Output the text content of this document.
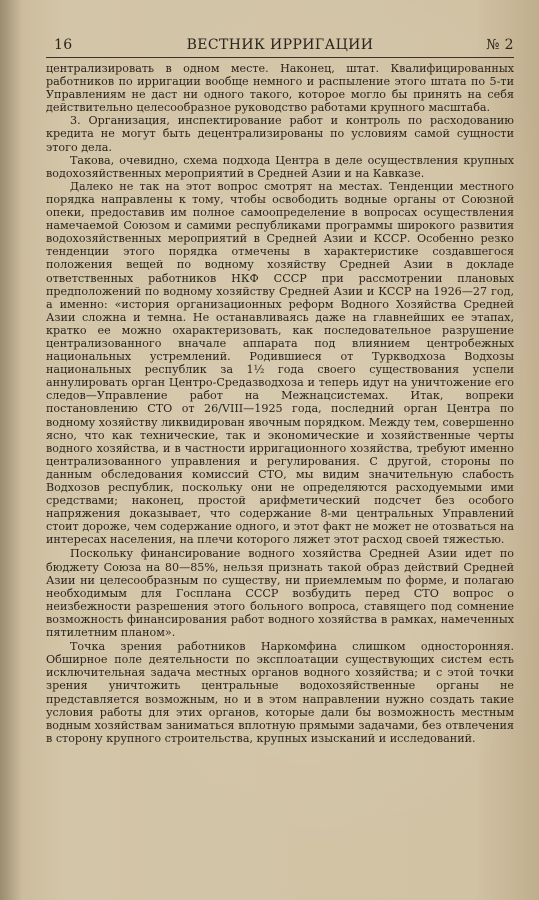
16	ВЕСТНИК ИРРИГАЦИИ	№ 2

централизировать в одном месте. Наконец, штат. Квалифицированных работников по ирригации вообще немного и распыление этого штата по 5-ти Управлениям не даст ни одного такого, которое могло бы принять на себя действительно целесообразное руководство работами крупного масштаба.

3. Организация, инспектирование работ и контроль по расходованию кредита не могут быть децентрализированы по условиям самой сущности этого дела.

Такова, очевидно, схема подхода Центра в деле осуществления крупных водохозяйственных мероприятий в Средней Азии и на Кавказе.

Далеко не так на этот вопрос смотрят на местах. Тенденции местного порядка направлены к тому, чтобы освободить водные органы от Союзной опеки, предоставив им полное самоопределение в вопросах осуществления намечаемой Союзом и самими республиками программы широкого развития водохозяйственных мероприятий в Средней Азии и КССР. Особенно резко тенденции этого порядка отмечены в характеристике создавшегося положения вещей по водному хозяйству Средней Азии в докладе ответственных работников НКФ СССР при рассмотрении плановых предположений по водному хозяйству Средней Азии и КССР на 1926—27 год, а именно: «история организационных реформ Водного Хозяйства Средней Азии сложна и темна. Не останавливаясь даже на главнейших ее этапах, кратко ее можно охарактеризовать, как последовательное разрушение централизованного вначале аппарата под влиянием центробежных национальных устремлений. Родившиеся от Туркводхоза Водхозы национальных республик за 1½ года своего существования успели аннулировать орган Центро-Средазводхоза и теперь идут на уничтожение его следов—Управление работ на Межнацсистемах. Итак, вопреки постановлению СТО от 26/VIII—1925 года, последний орган Центра по водному хозяйству ликвидирован явочным порядком. Между тем, совершенно ясно, что как технические, так и экономические и хозяйственные черты водного хозяйства, и в частности ирригационного хозяйства, требуют именно централизованного управления и регулирования. С другой, стороны по данным обследования комиссий СТО, мы видим значительную слабость Водхозов республик, поскольку они не определяются расходуемыми ими средствами; наконец, простой арифметический подсчет без особого напряжения доказывает, что содержание 8-ми центральных Управлений стоит дороже, чем содержание одного, и этот факт не может не отозваться на интересах населения, на плечи которого ляжет этот расход своей тяжестью.

Поскольку финансирование водного хозяйства Средней Азии идет по бюджету Союза на 80—85%, нельзя признать такой образ действий Средней Азии ни целесообразным по существу, ни приемлемым по форме, и полагаю необходимым для Госплана СССР возбудить перед СТО вопрос о неизбежности разрешения этого больного вопроса, ставящего под сомнение возможность финансирования работ водного хозяйства в рамках, намеченных пятилетним планом».

Точка зрения работников Наркомфина слишком односторонняя. Обширное поле деятельности по эксплоатации существующих систем есть исключительная задача местных органов водного хозяйства; и с этой точки зрения уничтожить центральные водохозяйственные органы не представляется возможным, но и в этом направлении нужно создать такие условия работы для этих органов, которые дали бы возможность местным водным хозяйствам заниматься вплотную прямыми задачами, без отвлечения в сторону крупного строительства, крупных изысканий и исследований.
